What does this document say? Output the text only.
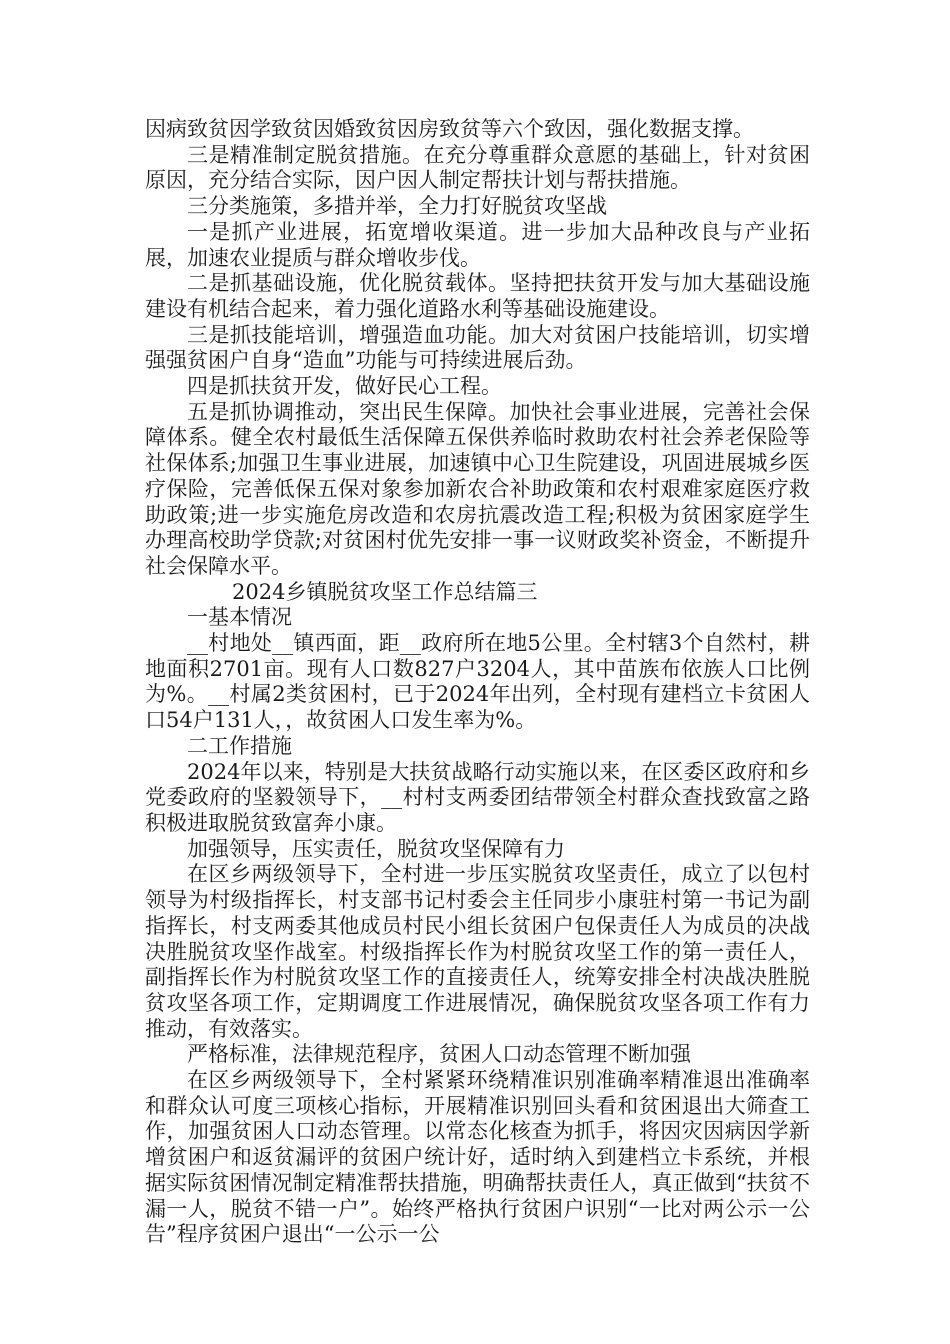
因病致贫因学致贫因婚致贫因房致贫等六个致因，强化数据支撑。

三是精准制定脱贫措施。在充分尊重群众意愿的基础上，针对贫困原因，充分结合实际，因户因人制定帮扶计划与帮扶措施。

三分类施策，多措并举，全力打好脱贫攻坚战

一是抓产业进展，拓宽增收渠道。进一步加大品种改良与产业拓展，加速农业提质与群众增收步伐。

二是抓基础设施，优化脱贫载体。坚持把扶贫开发与加大基础设施建设有机结合起来，着力强化道路水利等基础设施建设。

三是抓技能培训，增强造血功能。加大对贫困户技能培训，切实增强强贫困户自身“造血”功能与可持续进展后劲。

四是抓扶贫开发，做好民心工程。

五是抓协调推动，突出民生保障。加快社会事业进展，完善社会保障体系。健全农村最低生活保障五保供养临时救助农村社会养老保险等社保体系;加强卫生事业进展，加速镇中心卫生院建设，巩固进展城乡医疗保险，完善低保五保对象参加新农合补助政策和农村艰难家庭医疗救助政策;进一步实施危房改造和农房抗震改造工程;积极为贫困家庭学生办理高校助学贷款;对贫困村优先安排一事一议财政奖补资金，不断提升社会保障水平。

2024乡镇脱贫攻坚工作总结篇三

一基本情况

__村地处__镇西面，距__政府所在地5公里。全村辖3个自然村，耕地面积2701亩。现有人口数827户3204人，其中苗族布依族人口比例为%。__村属2类贫困村，已于2024年出列，全村现有建档立卡贫困人口54户131人，，故贫困人口发生率为%。

二工作措施

2024年以来，特别是大扶贫战略行动实施以来，在区委区政府和乡党委政府的坚毅领导下，__村村支两委团结带领全村群众查找致富之路积极进取脱贫致富奔小康。

加强领导，压实责任，脱贫攻坚保障有力

在区乡两级领导下，全村进一步压实脱贫攻坚责任，成立了以包村领导为村级指挥长，村支部书记村委会主任同步小康驻村第一书记为副指挥长，村支两委其他成员村民小组长贫困户包保责任人为成员的决战决胜脱贫攻坚作战室。村级指挥长作为村脱贫攻坚工作的第一责任人，副指挥长作为村脱贫攻坚工作的直接责任人，统筹安排全村决战决胜脱贫攻坚各项工作，定期调度工作进展情况，确保脱贫攻坚各项工作有力推动，有效落实。

严格标准，法律规范程序，贫困人口动态管理不断加强

在区乡两级领导下，全村紧紧环绕精准识别准确率精准退出准确率和群众认可度三项核心指标，开展精准识别回头看和贫困退出大筛查工作，加强贫困人口动态管理。以常态化核查为抓手，将因灾因病因学新增贫困户和返贫漏评的贫困户统计好，适时纳入到建档立卡系统，并根据实际贫困情况制定精准帮扶措施，明确帮扶责任人，真正做到“扶贫不漏一人，脱贫不错一户”。始终严格执行贫困户识别“一比对两公示一公告”程序贫困户退出“一公示一公
